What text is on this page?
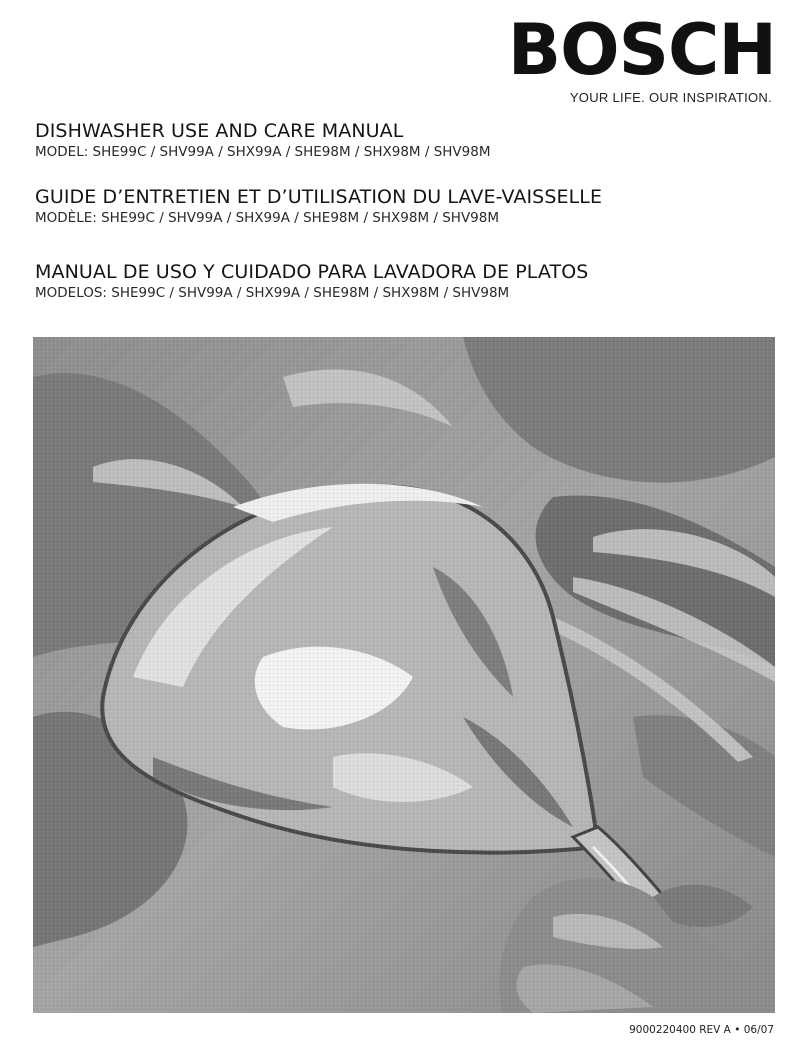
BOSCH
YOUR LIFE. OUR INSPIRATION.
DISHWASHER USE AND CARE MANUAL
MODEL: SHE99C / SHV99A / SHX99A / SHE98M / SHX98M / SHV98M
GUIDE D’ENTRETIEN ET D’UTILISATION DU LAVE-VAISSELLE
MODÈLE: SHE99C / SHV99A / SHX99A / SHE98M / SHX98M / SHV98M
MANUAL DE USO Y CUIDADO PARA LAVADORA DE PLATOS
MODELOS: SHE99C / SHV99A / SHX99A / SHE98M / SHX98M / SHV98M
9000220400 REV A • 06/07
